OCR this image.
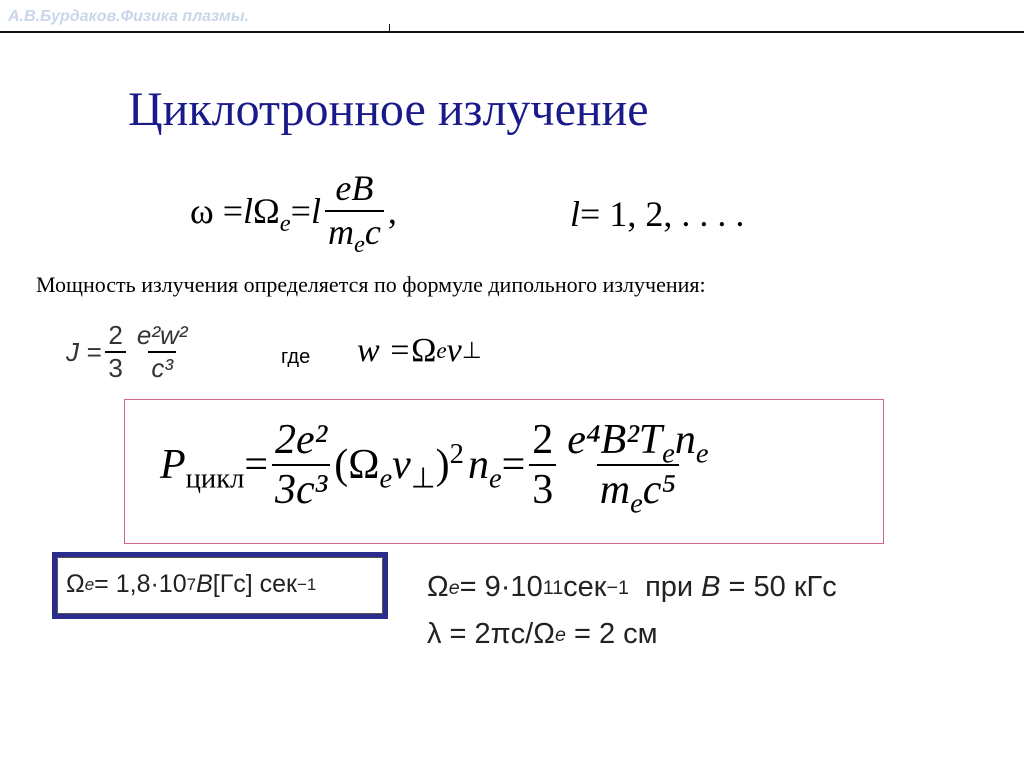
А.В.Бурдаков.Физика плазмы.
Циклотронное излучение
ω = l $\Omega_e = l \frac{eB}{m_ec}$ ,	l = 1, 2, . . . .
Мощность излучения определяется по формуле дипольного излучения:
$J = \frac{2}{3} \frac{\text{e²w²}}{\text{c³}}$	где w = Ω e v ⊥
$P_{цикл} = \frac{\text{2e²}}{\text{3c³}} (\Omega_ev_\perp)^2$ $n_e = \frac{2}{3} \frac{e^4B^2T_en_e}{m_ec^5}$
Ω e = 1,8·10 7 B [Гс] сек −1	Ω e = 9·10 11 сек −1 при B = 50 кГс
λ = 2πc/Ω e = 2 см
